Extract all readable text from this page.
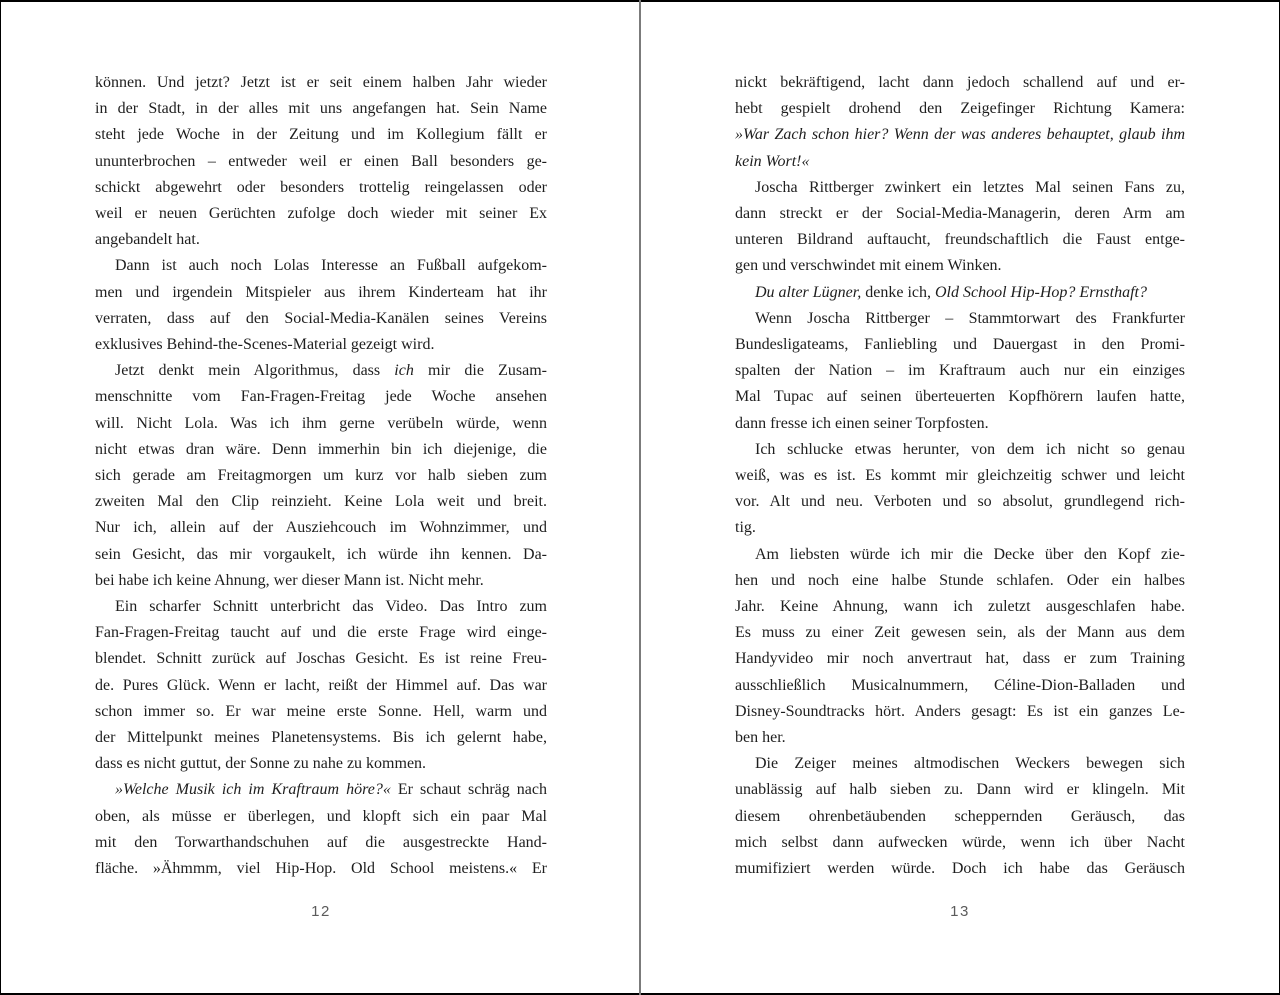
können. Und jetzt? Jetzt ist er seit einem halben Jahr wieder
in der Stadt, in der alles mit uns angefangen hat. Sein Name
steht jede Woche in der Zeitung und im Kollegium fällt er
ununterbrochen – entweder weil er einen Ball besonders ge-
schickt abgewehrt oder besonders trottelig reingelassen oder
weil er neuen Gerüchten zufolge doch wieder mit seiner Ex
angebandelt hat.
Dann ist auch noch Lolas Interesse an Fußball aufgekom-
men und irgendein Mitspieler aus ihrem Kinderteam hat ihr
verraten, dass auf den Social-Media-Kanälen seines Vereins
exklusives Behind-the-Scenes-Material gezeigt wird.
Jetzt denkt mein Algorithmus, dass ich mir die Zusam-
menschnitte vom Fan-Fragen-Freitag jede Woche ansehen
will. Nicht Lola. Was ich ihm gerne verübeln würde, wenn
nicht etwas dran wäre. Denn immerhin bin ich diejenige, die
sich gerade am Freitagmorgen um kurz vor halb sieben zum
zweiten Mal den Clip reinzieht. Keine Lola weit und breit.
Nur ich, allein auf der Ausziehcouch im Wohnzimmer, und
sein Gesicht, das mir vorgaukelt, ich würde ihn kennen. Da-
bei habe ich keine Ahnung, wer dieser Mann ist. Nicht mehr.
Ein scharfer Schnitt unterbricht das Video. Das Intro zum
Fan-Fragen-Freitag taucht auf und die erste Frage wird einge-
blendet. Schnitt zurück auf Joschas Gesicht. Es ist reine Freu-
de. Pures Glück. Wenn er lacht, reißt der Himmel auf. Das war
schon immer so. Er war meine erste Sonne. Hell, warm und
der Mittelpunkt meines Planetensystems. Bis ich gelernt habe,
dass es nicht guttut, der Sonne zu nahe zu kommen.
»Welche Musik ich im Kraftraum höre?« Er schaut schräg nach
oben, als müsse er überlegen, und klopft sich ein paar Mal
mit den Torwarthandschuhen auf die ausgestreckte Hand-
fläche. »Ähmmm, viel Hip-Hop. Old School meistens.« Er
12
nickt bekräftigend, lacht dann jedoch schallend auf und er-
hebt gespielt drohend den Zeigefinger Richtung Kamera:
»War Zach schon hier? Wenn der was anderes behauptet, glaub ihm
kein Wort!«
Joscha Rittberger zwinkert ein letztes Mal seinen Fans zu,
dann streckt er der Social-Media-Managerin, deren Arm am
unteren Bildrand auftaucht, freundschaftlich die Faust entge-
gen und verschwindet mit einem Winken.
Du alter Lügner, denke ich, Old School Hip-Hop? Ernsthaft?
Wenn Joscha Rittberger – Stammtorwart des Frankfurter
Bundesligateams, Fanliebling und Dauergast in den Promi-
spalten der Nation – im Kraftraum auch nur ein einziges
Mal Tupac auf seinen überteuerten Kopfhörern laufen hatte,
dann fresse ich einen seiner Torpfosten.
Ich schlucke etwas herunter, von dem ich nicht so genau
weiß, was es ist. Es kommt mir gleichzeitig schwer und leicht
vor. Alt und neu. Verboten und so absolut, grundlegend rich-
tig.
Am liebsten würde ich mir die Decke über den Kopf zie-
hen und noch eine halbe Stunde schlafen. Oder ein halbes
Jahr. Keine Ahnung, wann ich zuletzt ausgeschlafen habe.
Es muss zu einer Zeit gewesen sein, als der Mann aus dem
Handyvideo mir noch anvertraut hat, dass er zum Training
ausschließlich Musicalnummern, Céline-Dion-Balladen und
Disney-Soundtracks hört. Anders gesagt: Es ist ein ganzes Le-
ben her.
Die Zeiger meines altmodischen Weckers bewegen sich
unablässig auf halb sieben zu. Dann wird er klingeln. Mit
diesem ohrenbetäubenden scheppernden Geräusch, das
mich selbst dann aufwecken würde, wenn ich über Nacht
mumifiziert werden würde. Doch ich habe das Geräusch
13
